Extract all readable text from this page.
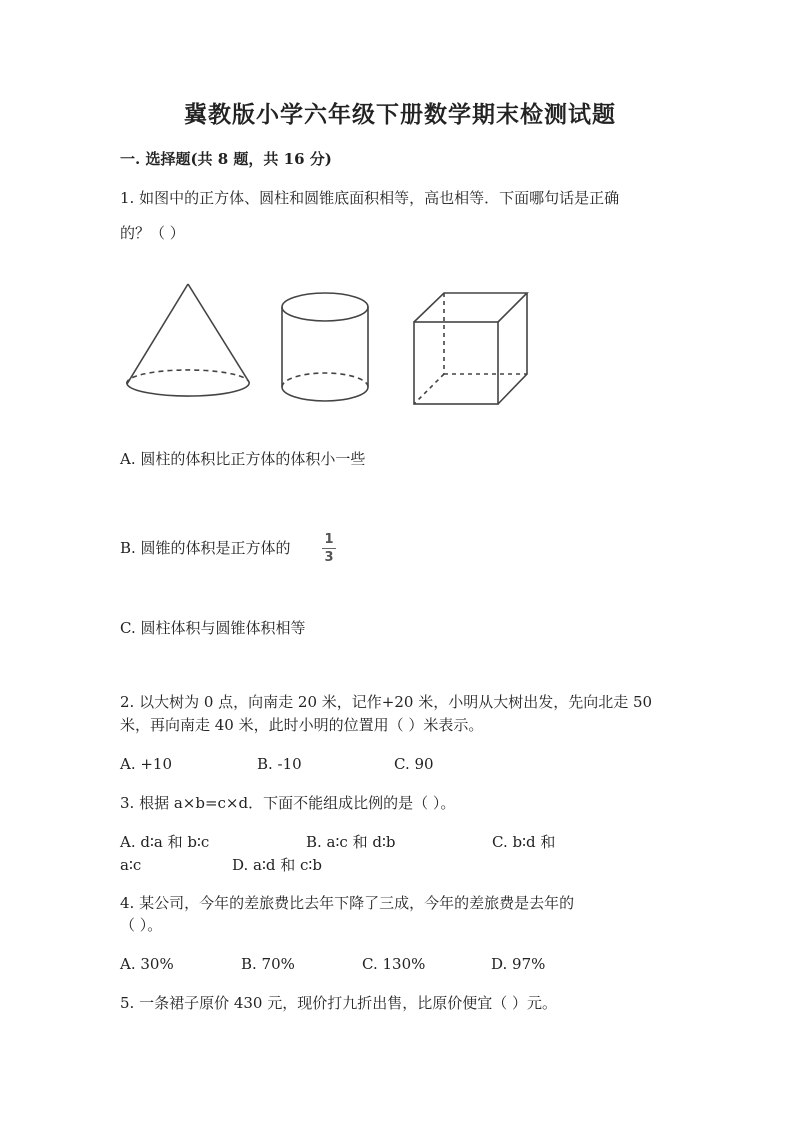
冀教版小学六年级下册数学期末检测试题
一. 选择题(共 8 题，共 16 分)
1. 如图中的正方体、圆柱和圆锥底面积相等，高也相等．下面哪句话是正确
的？（ ）
A. 圆柱的体积比正方体的体积小一些
B. 圆锥的体积是正方体的	1
3
C. 圆柱体积与圆锥体积相等
2. 以大树为 0 点，向南走 20 米，记作+20 米，小明从大树出发，先向北走 50
米，再向南走 40 米，此时小明的位置用（ ）米表示。
A. +10	B. -10	C. 90
3. 根据 a×b=c×d．下面不能组成比例的是（ ）。
A. d∶a 和 b∶c	B. a∶c 和 d∶b	C. b∶d 和
a∶c	D. a∶d 和 c∶b
4. 某公司，今年的差旅费比去年下降了三成，今年的差旅费是去年的
（ ）。
A. 30%	B. 70%	C. 130%	D. 97%
5. 一条裙子原价 430 元，现价打九折出售，比原价便宜（ ）元。
